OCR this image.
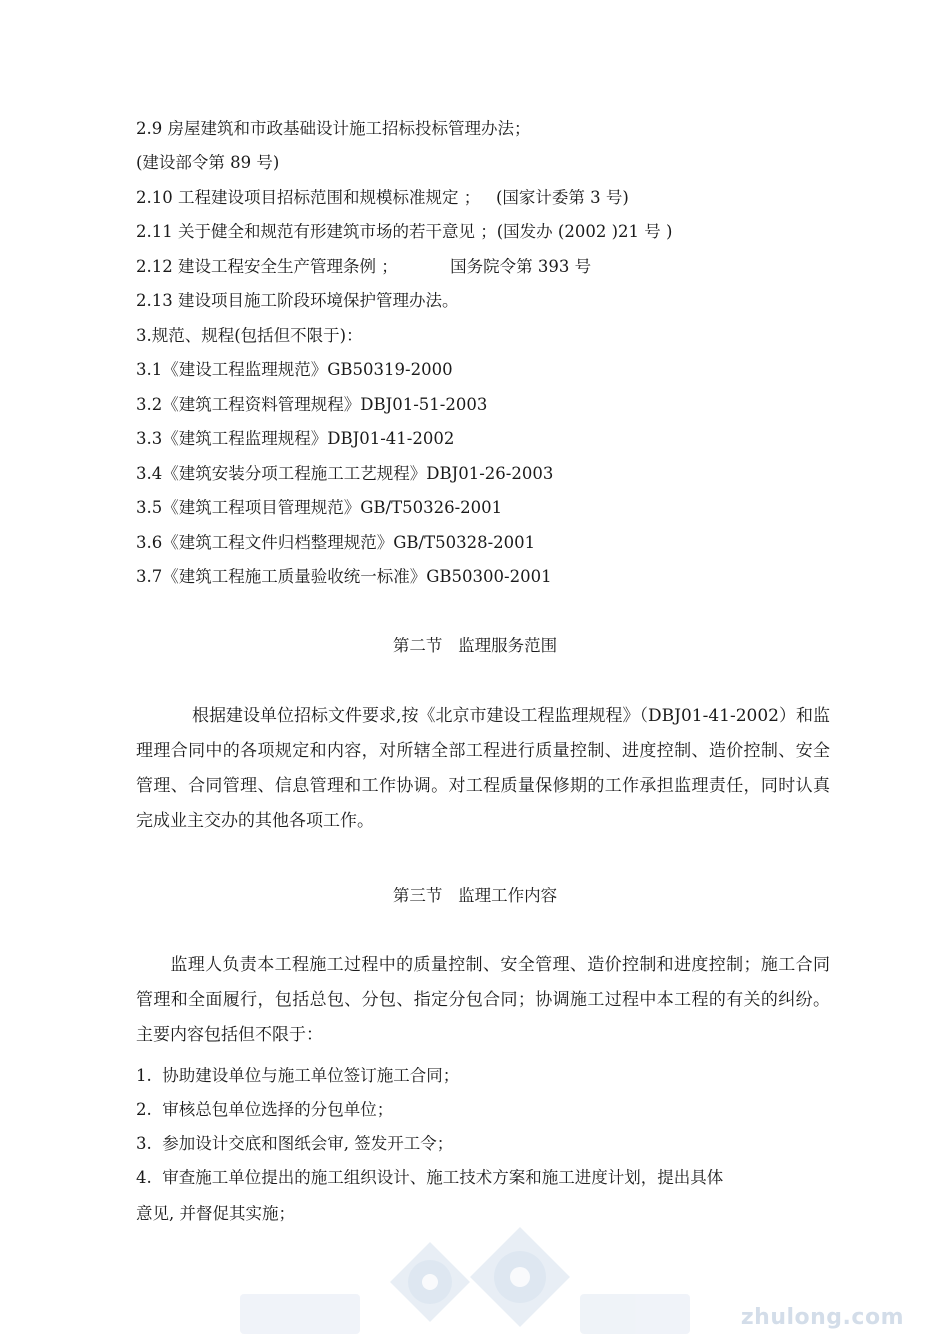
2.9 房屋建筑和市政基础设计施工招标投标管理办法；
(建设部令第 89 号)
2.10 工程建设项目招标范围和规模标准规定 ；   (国家计委第 3 号)
2.11 关于健全和规范有形建筑市场的若干意见 ；(国发办 (2002 )21 号 )
2.12 建设工程安全生产管理条例 ；          国务院令第 393 号
2.13 建设项目施工阶段环境保护管理办法。
3.规范、规程(包括但不限于)：
3.1《建设工程监理规范》GB50319-2000
3.2《建筑工程资料管理规程》DBJ01-51-2003
3.3《建筑工程监理规程》DBJ01-41-2002
3.4《建筑安装分项工程施工工艺规程》DBJ01-26-2003
3.5《建筑工程项目管理规范》GB/T50326-2001
3.6《建筑工程文件归档整理规范》GB/T50328-2001
3.7《建筑工程施工质量验收统一标准》GB50300-2001
第二节   监理服务范围
根据建设单位招标文件要求,按《北京市建设工程监理规程》（DBJ01-41-2002）和监理理合同中的各项规定和内容，对所辖全部工程进行质量控制、进度控制、造价控制、安全管理、合同管理、信息管理和工作协调。对工程质量保修期的工作承担监理责任，同时认真完成业主交办的其他各项工作。
第三节   监理工作内容
监理人负责本工程施工过程中的质量控制、安全管理、造价控制和进度控制；施工合同管理和全面履行，包括总包、分包、指定分包合同；协调施工过程中本工程的有关的纠纷。主要内容包括但不限于：
1.  协助建设单位与施工单位签订施工合同；
2.  审核总包单位选择的分包单位；
3.  参加设计交底和图纸会审, 签发开工令；
4.  审查施工单位提出的施工组织设计、施工技术方案和施工进度计划，提出具体
意见, 并督促其实施；
zhulong.com
